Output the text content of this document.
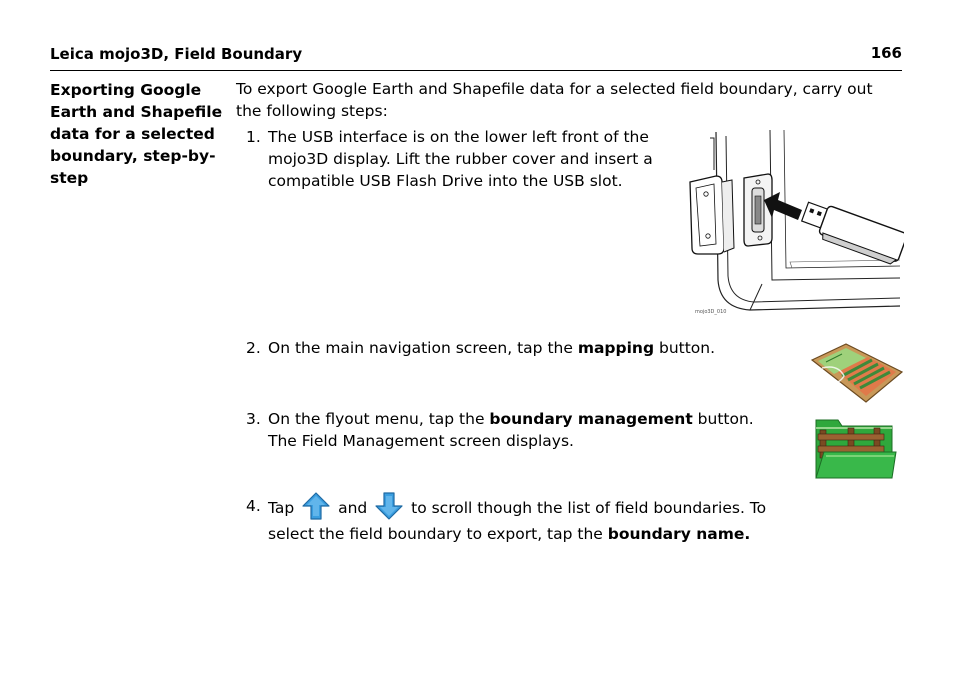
Leica mojo3D, Field Boundary	166
Exporting Google Earth and Shapefile data for a selected boundary, step-by-step
To export Google Earth and Shapefile data for a selected field boundary, carry out the following steps:
1. The USB interface is on the lower left front of the mojo3D display. Lift the rubber cover and insert a compatible USB Flash Drive into the USB slot.
mojo3D_010
2. On the main navigation screen, tap the mapping button.
3. On the flyout menu, tap the boundary management button.
The Field Management screen displays.
4. Tap  and  to scroll though the list of field boundaries. To select the field boundary to export, tap the boundary name.
